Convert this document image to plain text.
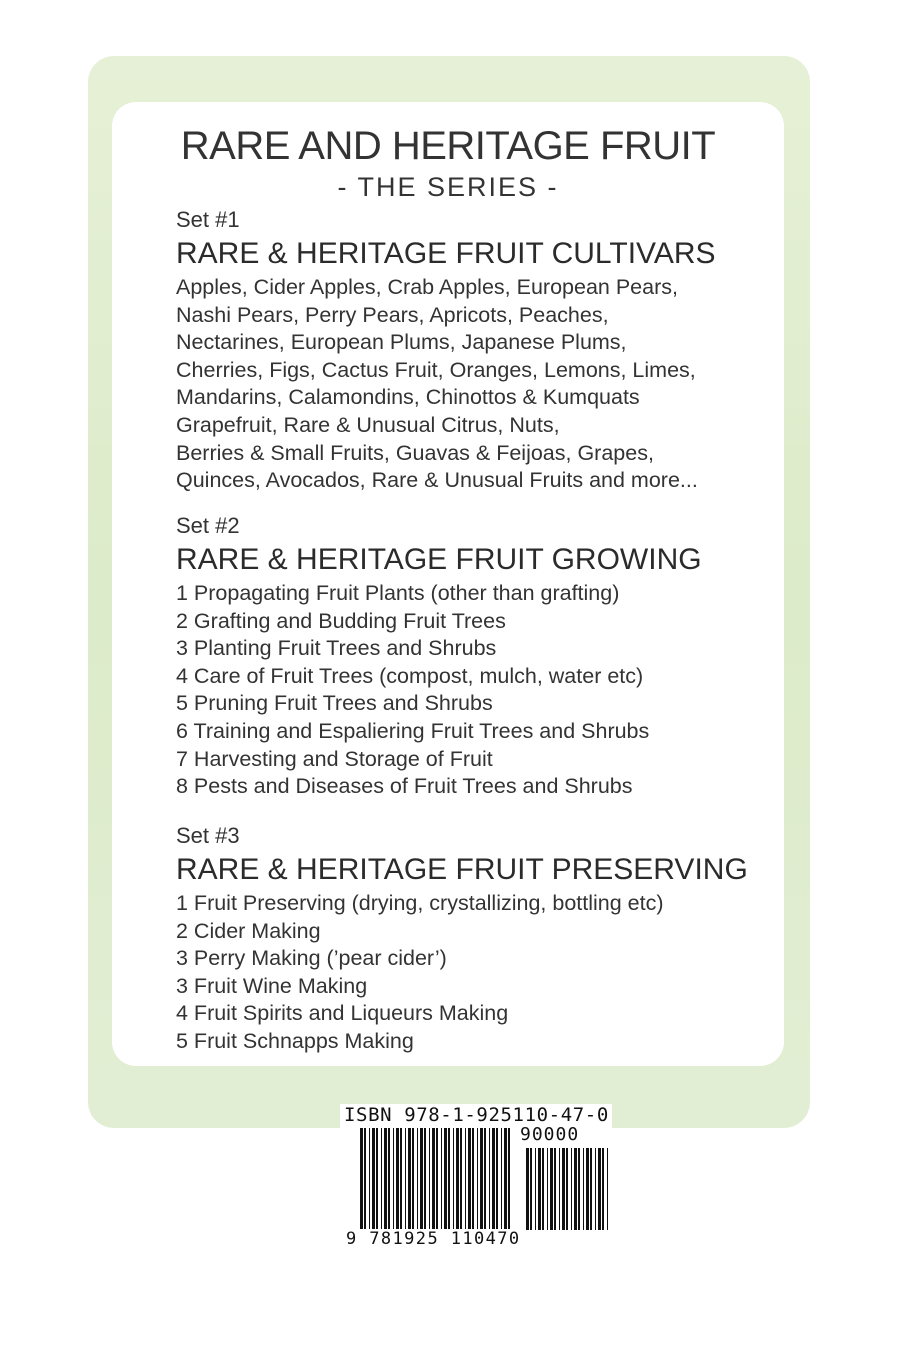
RARE AND HERITAGE FRUIT
- THE SERIES -
Set #1
RARE & HERITAGE FRUIT CULTIVARS
Apples, Cider Apples, Crab Apples, European Pears,
Nashi Pears, Perry Pears, Apricots, Peaches,
Nectarines, European Plums, Japanese Plums,
Cherries, Figs, Cactus Fruit, Oranges, Lemons, Limes,
Mandarins, Calamondins, Chinottos & Kumquats
Grapefruit, Rare & Unusual Citrus, Nuts,
Berries & Small Fruits, Guavas & Feijoas, Grapes,
Quinces, Avocados, Rare & Unusual Fruits and more...
Set #2
RARE & HERITAGE FRUIT GROWING
1 Propagating Fruit Plants (other than grafting)
2 Grafting and Budding Fruit Trees
3 Planting Fruit Trees and Shrubs
4 Care of Fruit Trees (compost, mulch, water etc)
5 Pruning Fruit Trees and Shrubs
6 Training and Espaliering Fruit Trees and Shrubs
7 Harvesting and Storage of Fruit
8 Pests and Diseases of Fruit Trees and Shrubs
Set #3
RARE & HERITAGE FRUIT PRESERVING
1 Fruit Preserving (drying, crystallizing, bottling etc)
2 Cider Making
3 Perry Making (’pear cider’)
3 Fruit Wine Making
4 Fruit Spirits and Liqueurs Making
5 Fruit Schnapps Making
ISBN 978-1-925110-47-0
90000
9 781925 110470
